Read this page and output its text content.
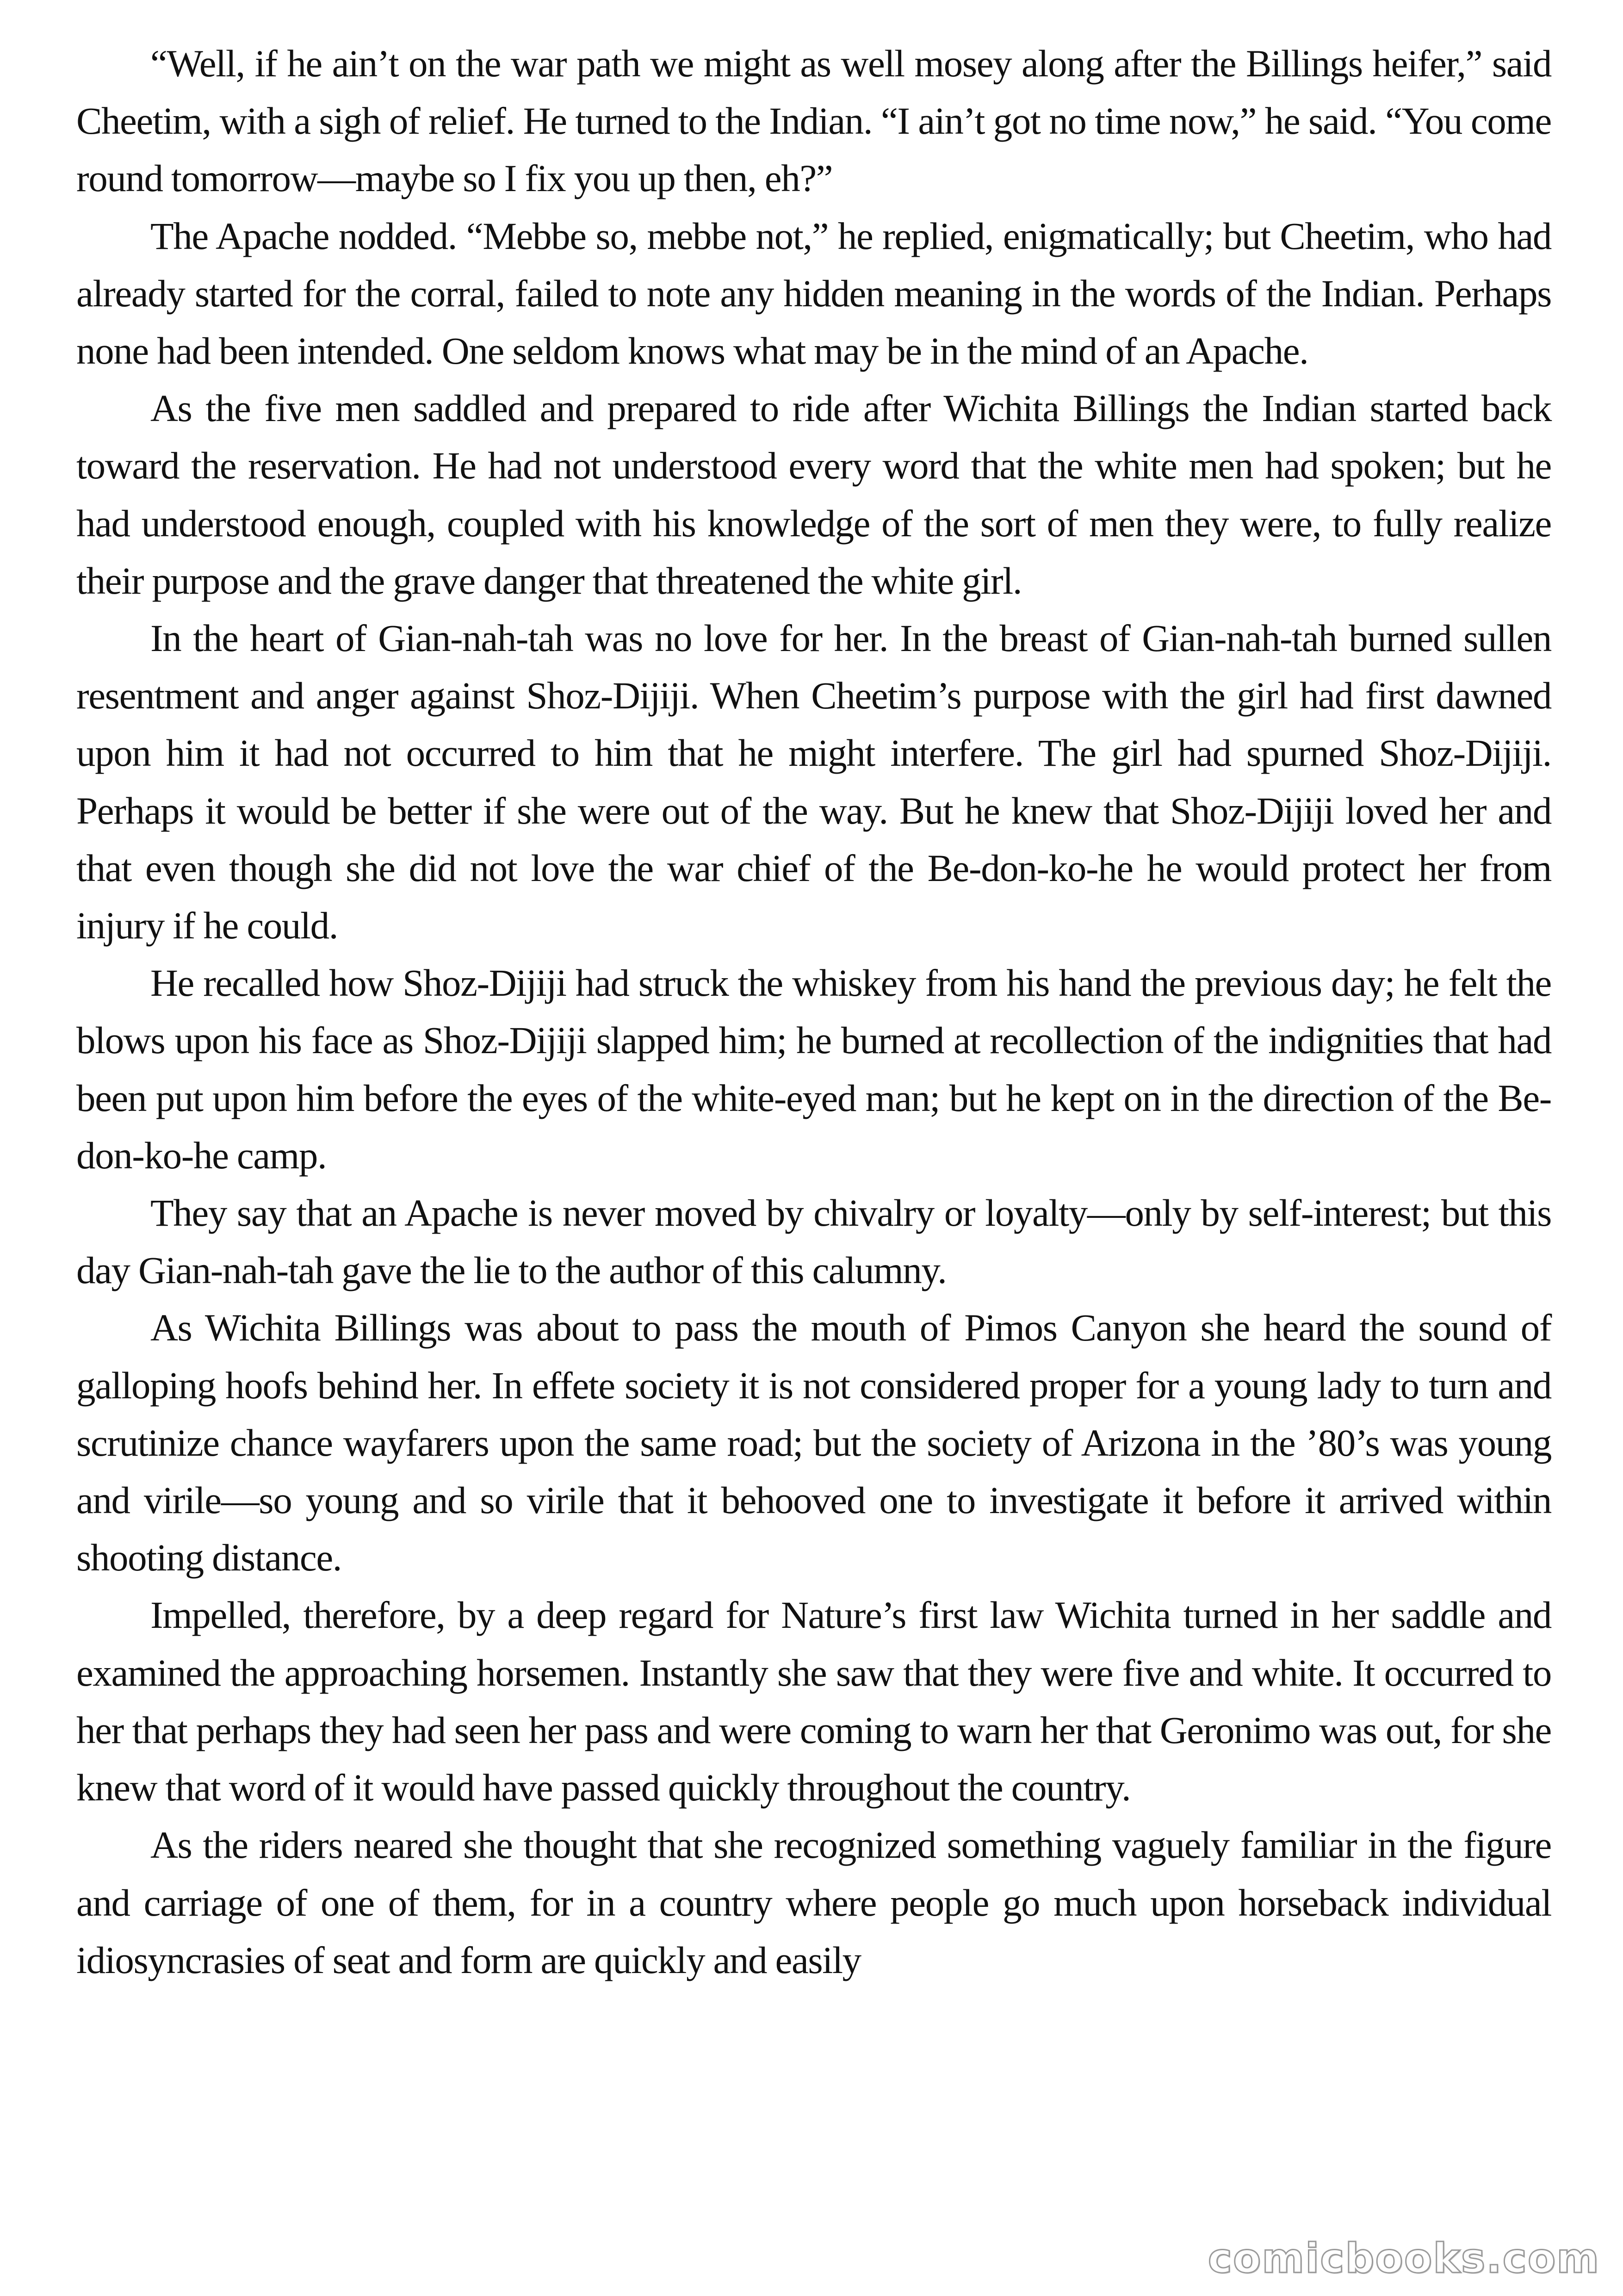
“Well, if he ain’t on the war path we might as well mosey along after the Billings heifer,” said Cheetim, with a sigh of relief. He turned to the Indian. “I ain’t got no time now,” he said. “You come round tomorrow—maybe so I fix you up then, eh?”

The Apache nodded. “Mebbe so, mebbe not,” he replied, enigmatically; but Cheetim, who had already started for the corral, failed to note any hidden meaning in the words of the Indian. Perhaps none had been intended. One seldom knows what may be in the mind of an Apache.

As the five men saddled and prepared to ride after Wichita Billings the Indian started back toward the reservation. He had not understood every word that the white men had spoken; but he had understood enough, coupled with his knowledge of the sort of men they were, to fully realize their purpose and the grave danger that threatened the white girl.

In the heart of Gian-nah-tah was no love for her. In the breast of Gian-nah-tah burned sullen resentment and anger against Shoz-Dijiji. When Cheetim’s purpose with the girl had first dawned upon him it had not occurred to him that he might interfere. The girl had spurned Shoz-Dijiji. Perhaps it would be better if she were out of the way. But he knew that Shoz-Dijiji loved her and that even though she did not love the war chief of the Be-don-ko-he he would protect her from injury if he could.

He recalled how Shoz-Dijiji had struck the whiskey from his hand the previous day; he felt the blows upon his face as Shoz-Dijiji slapped him; he burned at recollection of the indignities that had been put upon him before the eyes of the white-eyed man; but he kept on in the direction of the Be-don-ko-he camp.

They say that an Apache is never moved by chivalry or loyalty—only by self-interest; but this day Gian-nah-tah gave the lie to the author of this calumny.

As Wichita Billings was about to pass the mouth of Pimos Canyon she heard the sound of galloping hoofs behind her. In effete society it is not considered proper for a young lady to turn and scrutinize chance wayfarers upon the same road; but the society of Arizona in the ’80’s was young and virile—so young and so virile that it behooved one to investigate it before it arrived within shooting distance.

Impelled, therefore, by a deep regard for Nature’s first law Wichita turned in her saddle and examined the approaching horsemen. Instantly she saw that they were five and white. It occurred to her that perhaps they had seen her pass and were coming to warn her that Geronimo was out, for she knew that word of it would have passed quickly throughout the country.

As the riders neared she thought that she recognized something vaguely familiar in the figure and carriage of one of them, for in a country where people go much upon horseback individual idiosyncrasies of seat and form are quickly and easily

comicbooks.com
